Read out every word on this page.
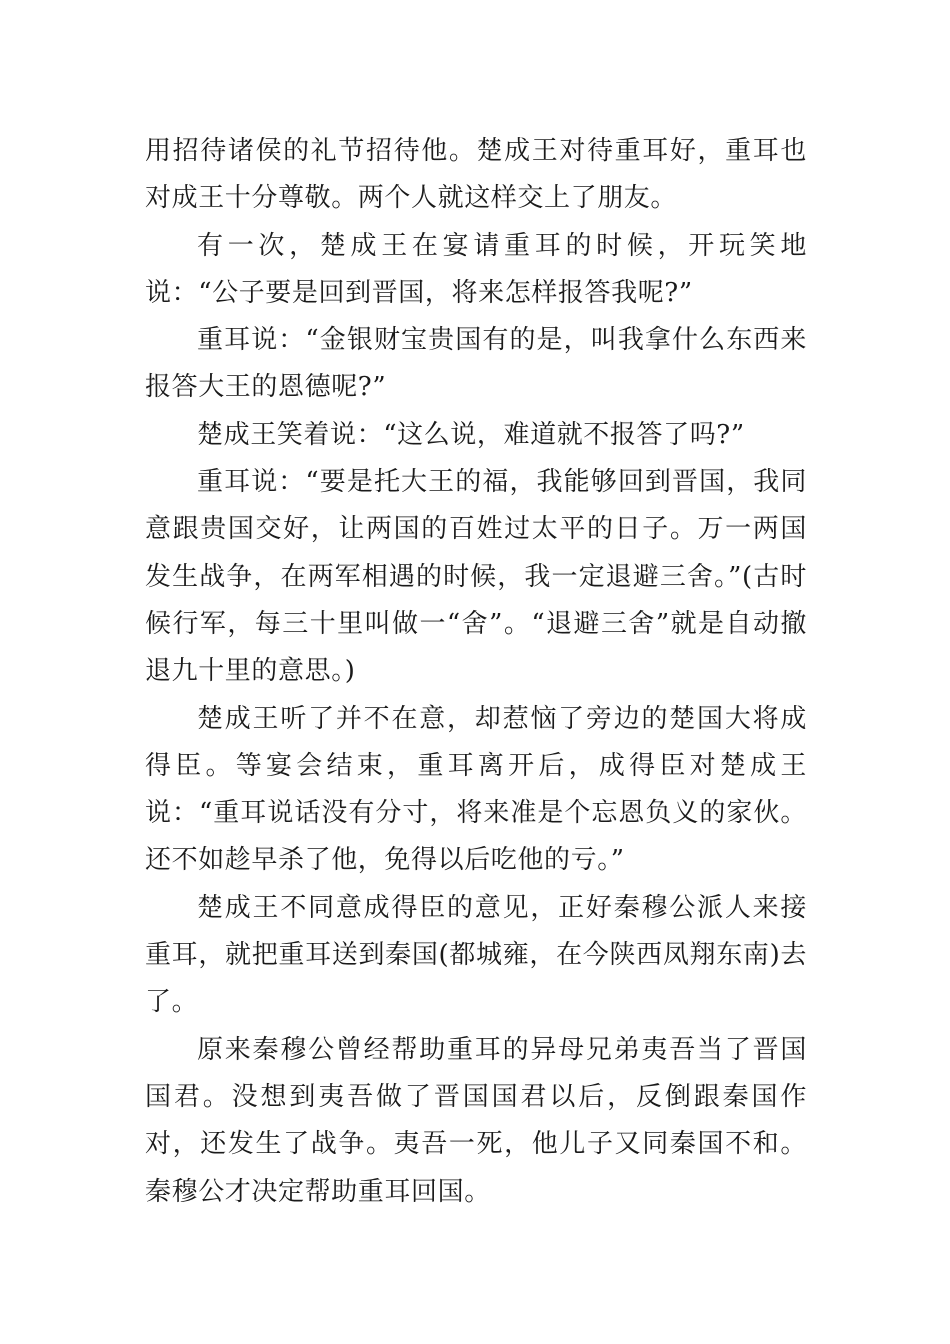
用招待诸侯的礼节招待他。楚成王对待重耳好，重耳也对成王十分尊敬。两个人就这样交上了朋友。

有一次，楚成王在宴请重耳的时候，开玩笑地说：“公子要是回到晋国，将来怎样报答我呢?”

重耳说：“金银财宝贵国有的是，叫我拿什么东西来报答大王的恩德呢?”

楚成王笑着说：“这么说，难道就不报答了吗?”

重耳说：“要是托大王的福，我能够回到晋国，我同意跟贵国交好，让两国的百姓过太平的日子。万一两国发生战争，在两军相遇的时候，我一定退避三舍。”(古时候行军，每三十里叫做一“舍”。“退避三舍”就是自动撤退九十里的意思。)

楚成王听了并不在意，却惹恼了旁边的楚国大将成得臣。等宴会结束，重耳离开后，成得臣对楚成王说：“重耳说话没有分寸，将来准是个忘恩负义的家伙。还不如趁早杀了他，免得以后吃他的亏。”

楚成王不同意成得臣的意见，正好秦穆公派人来接重耳，就把重耳送到秦国(都城雍，在今陕西凤翔东南)去了。

原来秦穆公曾经帮助重耳的异母兄弟夷吾当了晋国国君。没想到夷吾做了晋国国君以后，反倒跟秦国作对，还发生了战争。夷吾一死，他儿子又同秦国不和。秦穆公才决定帮助重耳回国。
